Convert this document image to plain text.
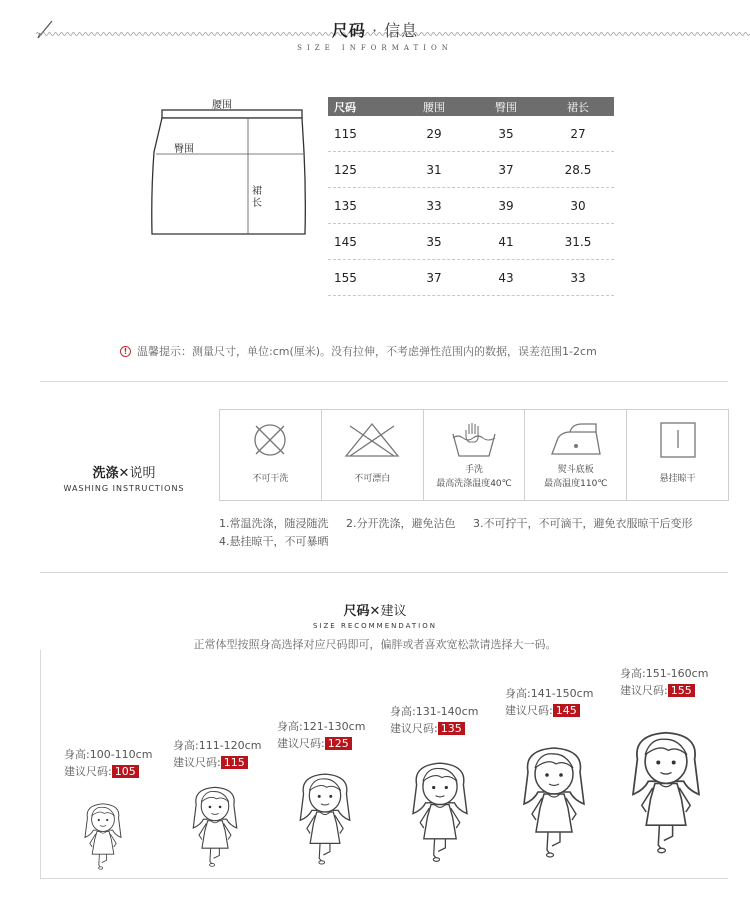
尺码 · 信息
SIZE INFORMATION
腰围
臀围
裙长
尺码	腰围	臀围	裙长
115	29	35	27
125	31	37	28.5
135	33	39	30
145	35	41	31.5
155	37	43	33
! 温馨提示：测量尺寸，单位:cm(厘米)。没有拉伸，不考虑弹性范围内的数据，误差范围1-2cm
洗涤✕说明
WASHING INSTRUCTIONS
不可干洗	不可漂白
手洗
最高洗涤温度40℃
熨斗底板
最高温度110℃	悬挂晾干
1.常温洗涤，随浸随洗 2.分开洗涤，避免沾色 3.不可拧干，不可滴干，避免衣服晾干后变形
4.悬挂晾干，不可暴晒
尺码✕建议
SIZE RECOMMENDATION
正常体型按照身高选择对应尺码即可，偏胖或者喜欢宽松款请选择大一码。
身高:100-110cm
建议尺码: 105
身高:111-120cm
建议尺码: 115
身高:121-130cm
建议尺码: 125
身高:131-140cm
建议尺码: 135
身高:141-150cm
建议尺码: 145
身高:151-160cm
建议尺码: 155
